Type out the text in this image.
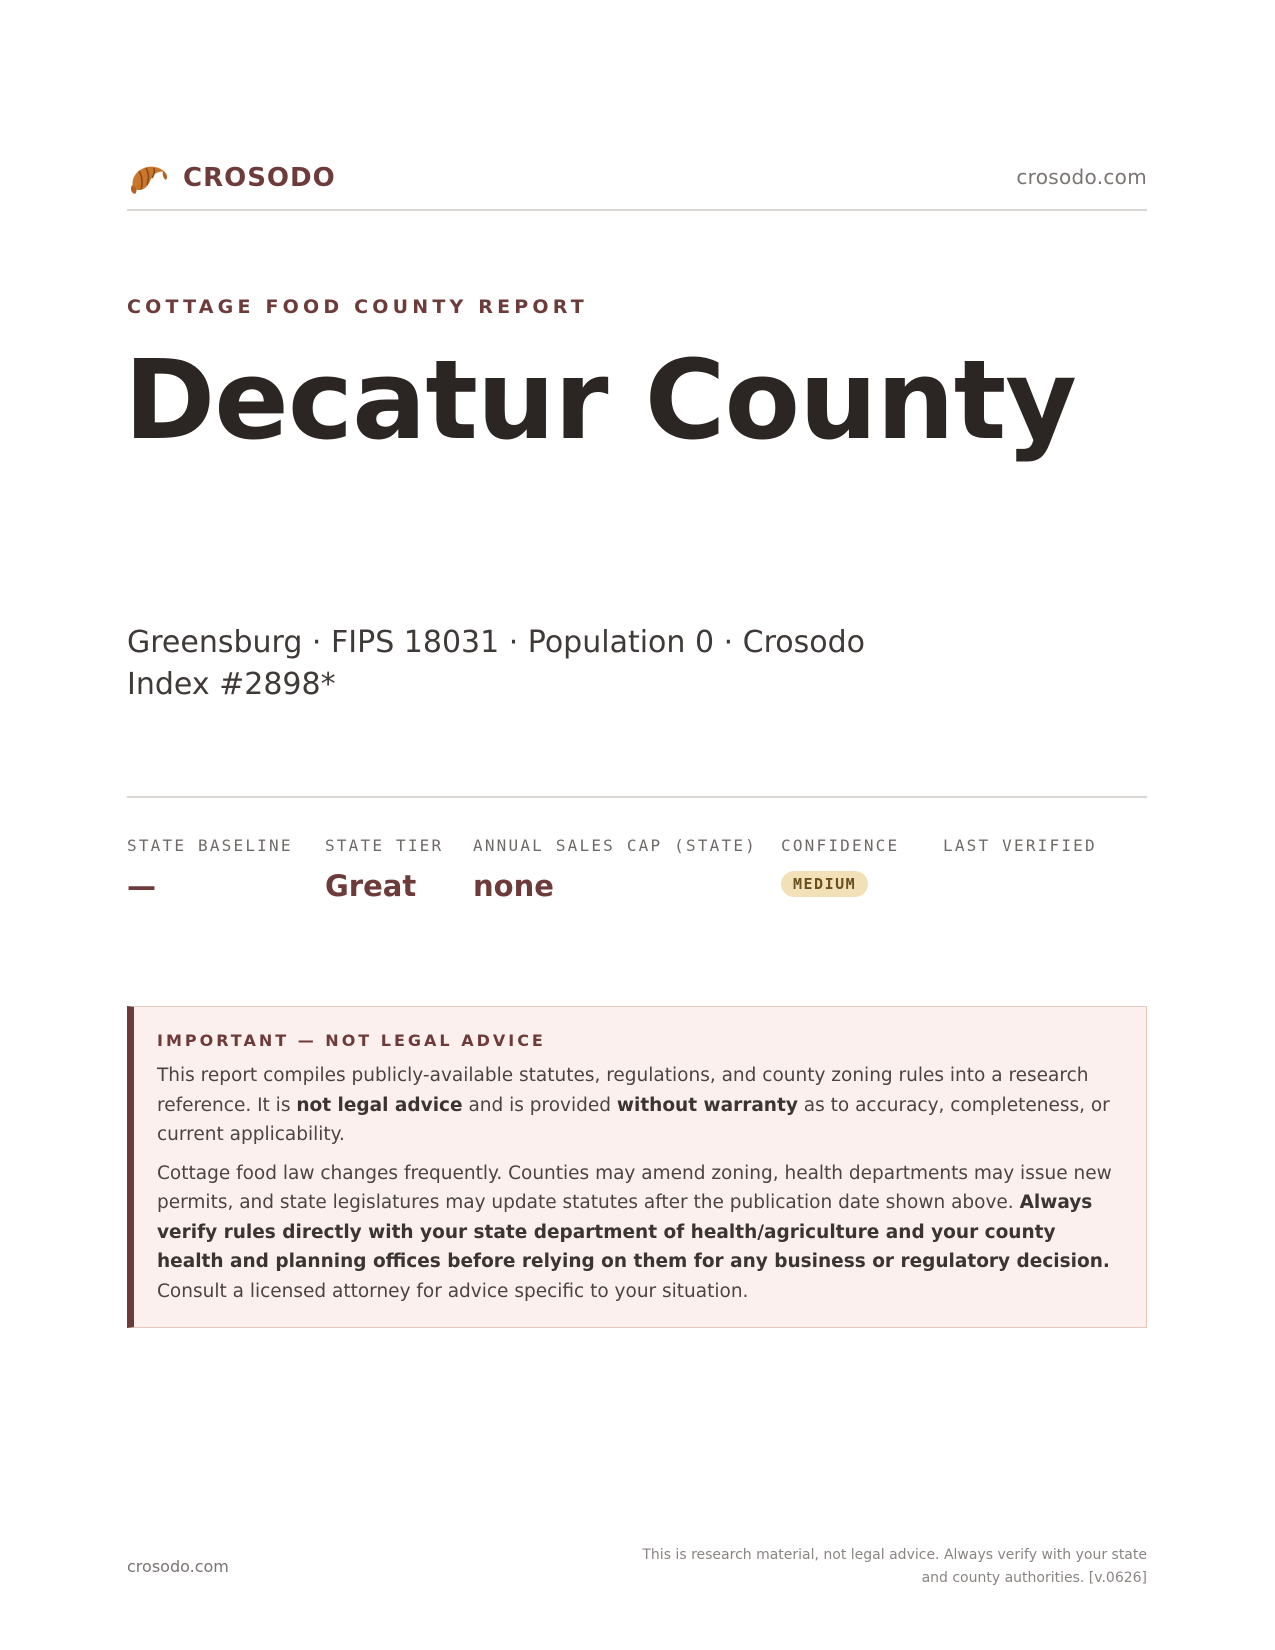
CROSODO	crosodo.com
COTTAGE FOOD COUNTY REPORT
Decatur County
Greensburg · FIPS 18031 · Population 0 · Crosodo Index #2898*
STATE BASELINE
—
STATE TIER
Great
ANNUAL SALES CAP (STATE)
none
CONFIDENCE
MEDIUM
LAST VERIFIED
IMPORTANT — NOT LEGAL ADVICE

This report compiles publicly-available statutes, regulations, and county zoning rules into a research reference. It is not legal advice and is provided without warranty as to accuracy, completeness, or current applicability.

Cottage food law changes frequently. Counties may amend zoning, health departments may issue new permits, and state legislatures may update statutes after the publication date shown above. Always verify rules directly with your state department of health/agriculture and your county health and planning offices before relying on them for any business or regulatory decision. Consult a licensed attorney for advice specific to your situation.

crosodo.com
This is research material, not legal advice. Always verify with your state
and county authorities. [v.0626]
